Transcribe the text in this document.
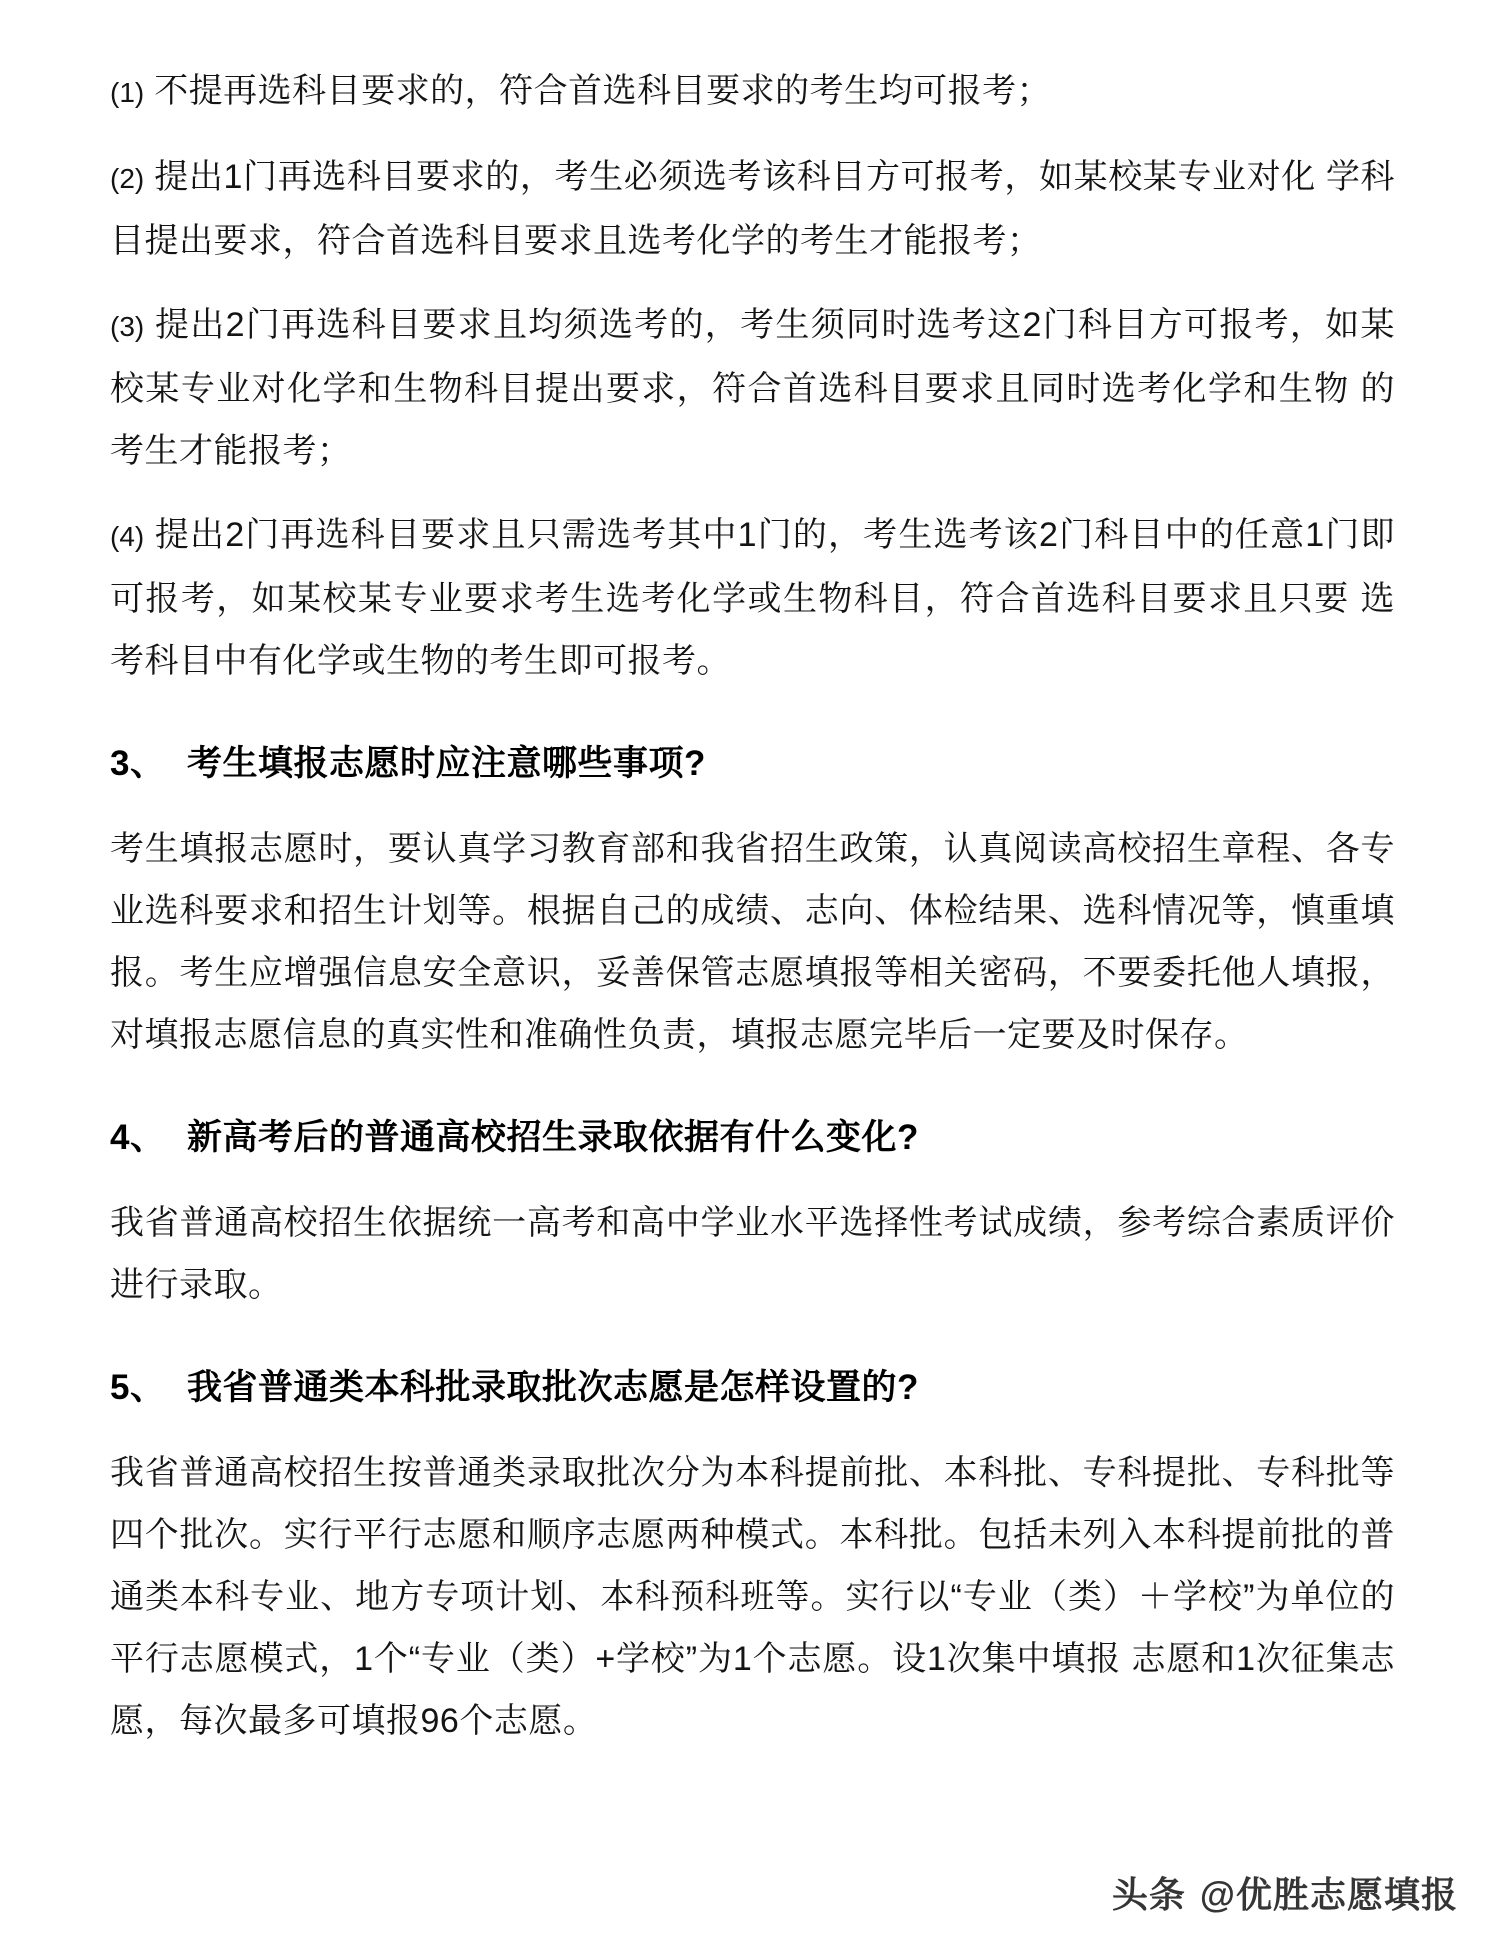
(1) 不提再选科目要求的，符合首选科目要求的考生均可报考；

(2) 提出1门再选科目要求的，考生必须选考该科目方可报考，如某校某专业对化 学科目提出要求，符合首选科目要求且选考化学的考生才能报考；

(3) 提出2门再选科目要求且均须选考的，考生须同时选考这2门科目方可报考，如某校某专业对化学和生物科目提出要求，符合首选科目要求且同时选考化学和生物 的考生才能报考；

(4) 提出2门再选科目要求且只需选考其中1门的，考生选考该2门科目中的任意1门即可报考，如某校某专业要求考生选考化学或生物科目，符合首选科目要求且只要 选考科目中有化学或生物的考生即可报考。

3、 考生填报志愿时应注意哪些事项?

考生填报志愿时，要认真学习教育部和我省招生政策，认真阅读高校招生章程、各专业选科要求和招生计划等。根据自己的成绩、志向、体检结果、选科情况等，慎重填报。考生应增强信息安全意识，妥善保管志愿填报等相关密码，不要委托他人填报，对填报志愿信息的真实性和准确性负责，填报志愿完毕后一定要及时保存。

4、 新高考后的普通高校招生录取依据有什么变化?

我省普通高校招生依据统一高考和高中学业水平选择性考试成绩，参考综合素质评价进行录取。

5、 我省普通类本科批录取批次志愿是怎样设置的?

我省普通高校招生按普通类录取批次分为本科提前批、本科批、专科提批、专科批等四个批次。实行平行志愿和顺序志愿两种模式。本科批。包括未列入本科提前批的普通类本科专业、地方专项计划、本科预科班等。实行以“专业（类）＋学校”为单位的平行志愿模式，1个“专业（类）+学校”为1个志愿。设1次集中填报 志愿和1次征集志愿，每次最多可填报96个志愿。

头条 @优胜志愿填报
